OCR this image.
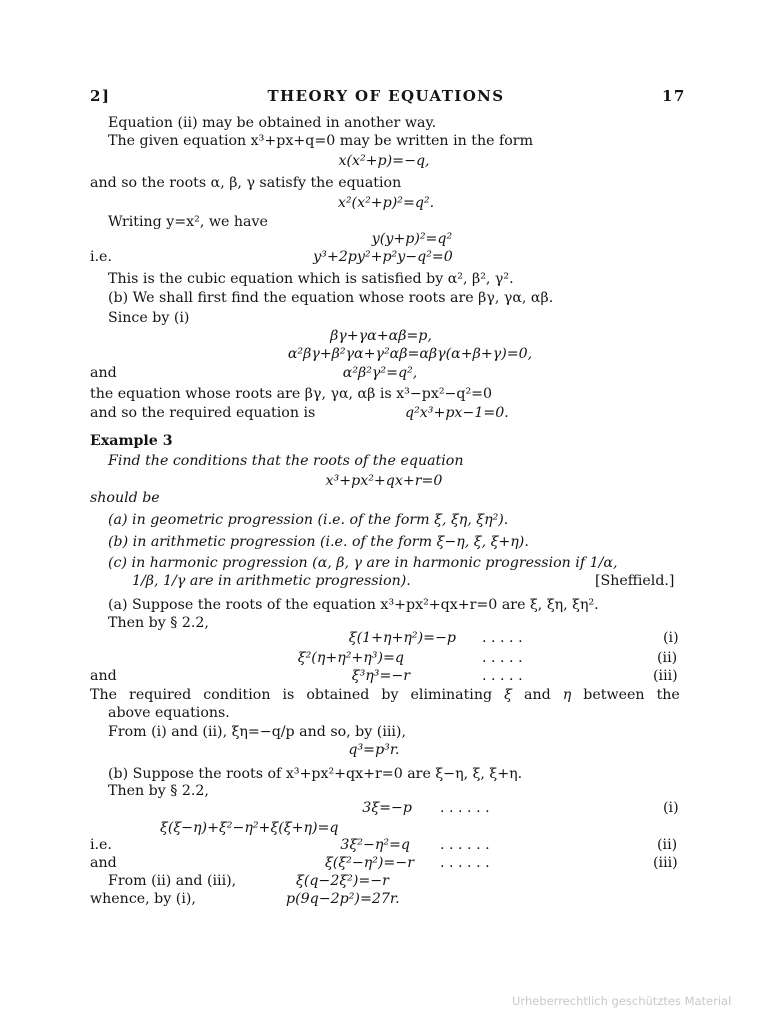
2]	THEORY OF EQUATIONS	17
Equation (ii) may be obtained in another way.
The given equation x³+px+q=0 may be written in the form
x(x²+p)=−q,
and so the roots α, β, γ satisfy the equation
x²(x²+p)²=q².
Writing y=x², we have
y(y+p)²=q²
i.e.	y³+2py²+p²y−q²=0
This is the cubic equation which is satisfied by α², β², γ².
(b) We shall first find the equation whose roots are βγ, γα, αβ.
Since by (i)
βγ+γα+αβ=p,
α²βγ+β²γα+γ²αβ=αβγ(α+β+γ)=0,
and	α²β²γ²=q²,
the equation whose roots are βγ, γα, αβ is x³−px²−q²=0
and so the required equation is	q²x³+px−1=0.
Example 3
Find the conditions that the roots of the equation
x³+px²+qx+r=0
should be
(a) in geometric progression (i.e. of the form ξ, ξη, ξη²).
(b) in arithmetic progression (i.e. of the form ξ−η, ξ, ξ+η).
(c) in harmonic progression (α, β, γ are in harmonic progression if 1/α,
1/β, 1/γ are in arithmetic progression).	[Sheffield.]
(a) Suppose the roots of the equation x³+px²+qx+r=0 are ξ, ξη, ξη².
Then by § 2.2,
ξ(1+η+η²)=−p . . . . .	(i)
ξ²(η+η²+η³)=q	. . . . .	(ii)
and	ξ³η³=−r	. . . . .	(iii)
The required condition is obtained by eliminating ξ and η between the
above equations.
From (i) and (ii), ξη=−q/p and so, by (iii),
q³=p³r.
(b) Suppose the roots of x³+px²+qx+r=0 are ξ−η, ξ, ξ+η.
Then by § 2.2,
3ξ=−p . . . . . .	(i)
ξ(ξ−η)+ξ²−η²+ξ(ξ+η)=q
i.e.	3ξ²−η²=q . . . . . .	(ii)
and	ξ(ξ²−η²)=−r . . . . . .	(iii)
From (ii) and (iii),	ξ(q−2ξ²)=−r
whence, by (i),	p(9q−2p²)=27r.
Urheberrechtlich geschütztes Material
